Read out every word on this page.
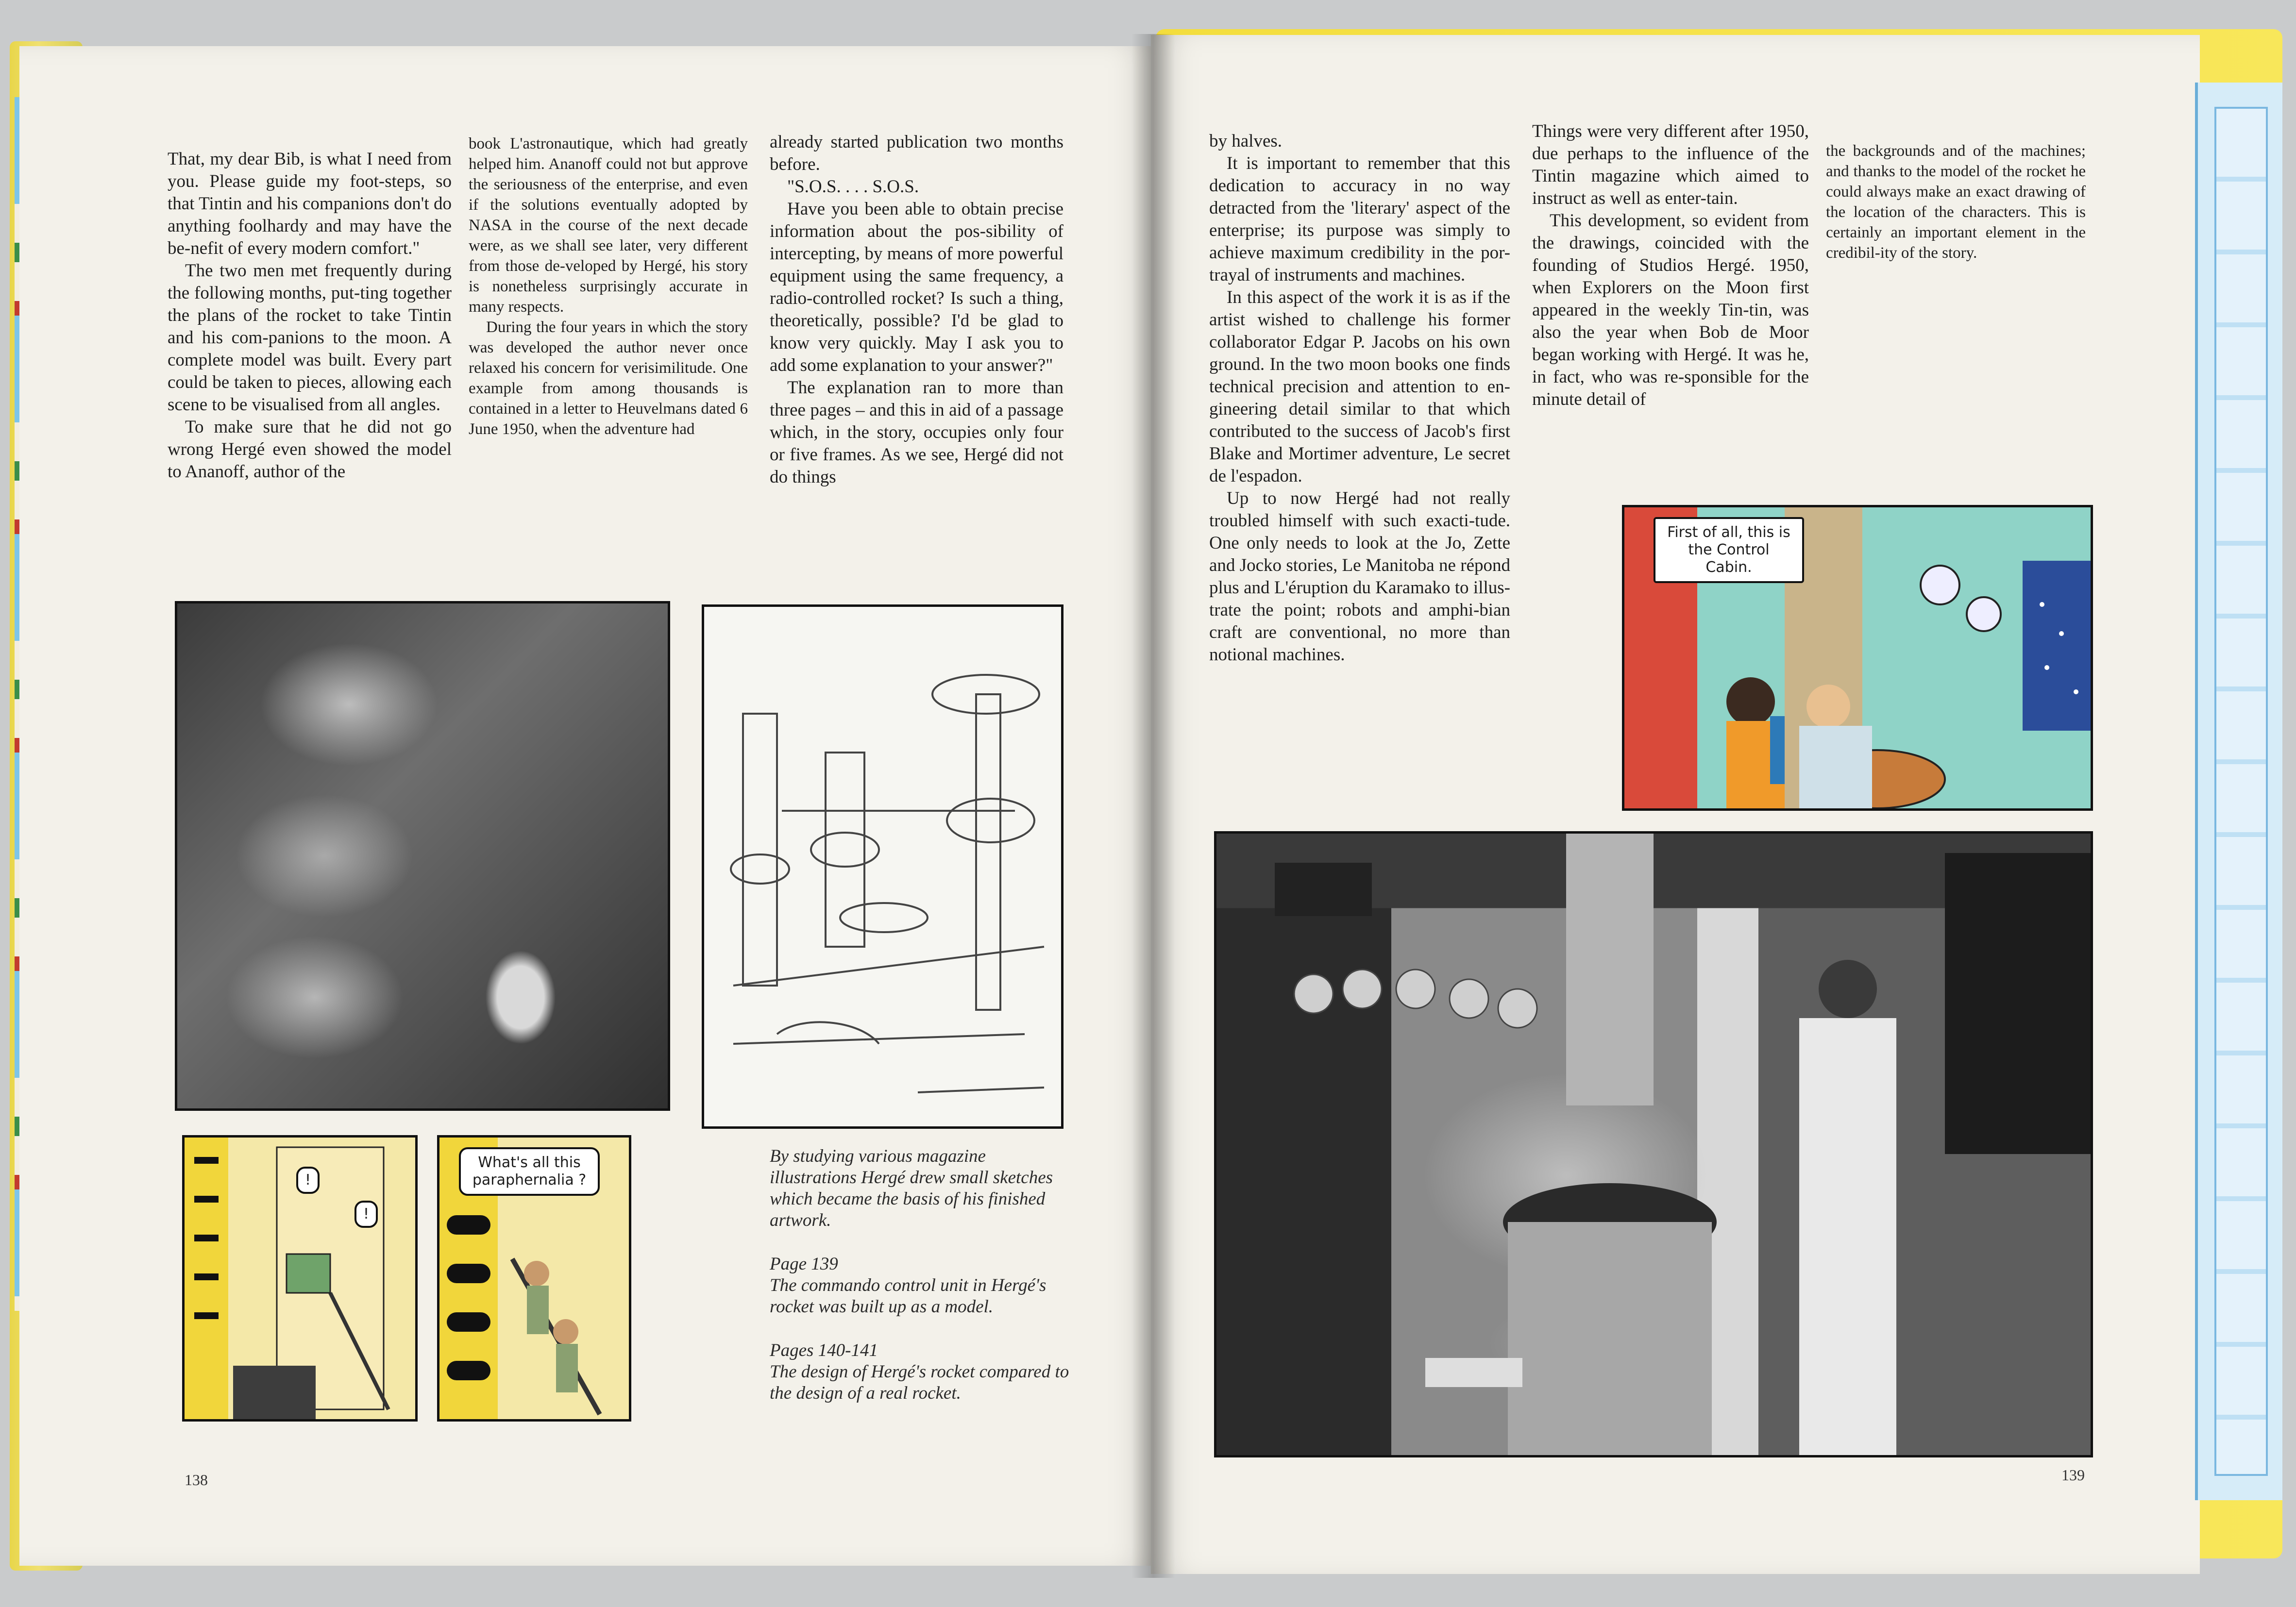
That, my dear Bib, is what I need from you. Please guide my foot-steps, so that Tintin and his companions don't do anything foolhardy and may have the be-nefit of every modern comfort."

The two men met frequently during the following months, put-ting together the plans of the rocket to take Tintin and his com-panions to the moon. A complete model was built. Every part could be taken to pieces, allowing each scene to be visualised from all angles.

To make sure that he did not go wrong Hergé even showed the model to Ananoff, author of the

book L'astronautique, which had greatly helped him. Ananoff could not but approve the seriousness of the enterprise, and even if the solutions eventually adopted by NASA in the course of the next decade were, as we shall see later, very different from those de-veloped by Hergé, his story is nonetheless surprisingly accurate in many respects.

During the four years in which the story was developed the author never once relaxed his concern for verisimilitude. One example from among thousands is contained in a letter to Heuvelmans dated 6 June 1950, when the adventure had

already started publication two months before.

"S.O.S. . . . S.O.S.

Have you been able to obtain precise information about the pos-sibility of intercepting, by means of more powerful equipment using the same frequency, a radio-controlled rocket? Is such a thing, theoretically, possible? I'd be glad to know very quickly. May I ask you to add some explanation to your answer?"

The explanation ran to more than three pages – and this in aid of a passage which, in the story, occupies only four or five frames. As we see, Hergé did not do things

!
!
What's all this paraphernalia ?

By studying various magazine illustrations Hergé drew small sketches which became the basis of his finished artwork.

Page 139
The commando control unit in Hergé's rocket was built up as a model.

Pages 140-141
The design of Hergé's rocket compared to the design of a real rocket.

138

by halves.

It is important to remember that this dedication to accuracy in no way detracted from the 'literary' aspect of the enterprise; its purpose was simply to achieve maximum credibility in the por-trayal of instruments and machines.

In this aspect of the work it is as if the artist wished to challenge his former collaborator Edgar P. Jacobs on his own ground. In the two moon books one finds technical precision and attention to en-gineering detail similar to that which contributed to the success of Jacob's first Blake and Mortimer adventure, Le secret de l'espadon.

Up to now Hergé had not really troubled himself with such exacti-tude. One only needs to look at the Jo, Zette and Jocko stories, Le Manitoba ne répond plus and L'éruption du Karamako to illus-trate the point; robots and amphi-bian craft are conventional, no more than notional machines.

Things were very different after 1950, due perhaps to the influence of the Tintin magazine which aimed to instruct as well as enter-tain.

This development, so evident from the drawings, coincided with the founding of Studios Hergé. 1950, when Explorers on the Moon first appeared in the weekly Tin-tin, was also the year when Bob de Moor began working with Hergé. It was he, in fact, who was re-sponsible for the minute detail of

the backgrounds and of the machines; and thanks to the model of the rocket he could always make an exact drawing of the location of the characters. This is certainly an important element in the credibil-ity of the story.

First of all, this is the Control Cabin.
139
